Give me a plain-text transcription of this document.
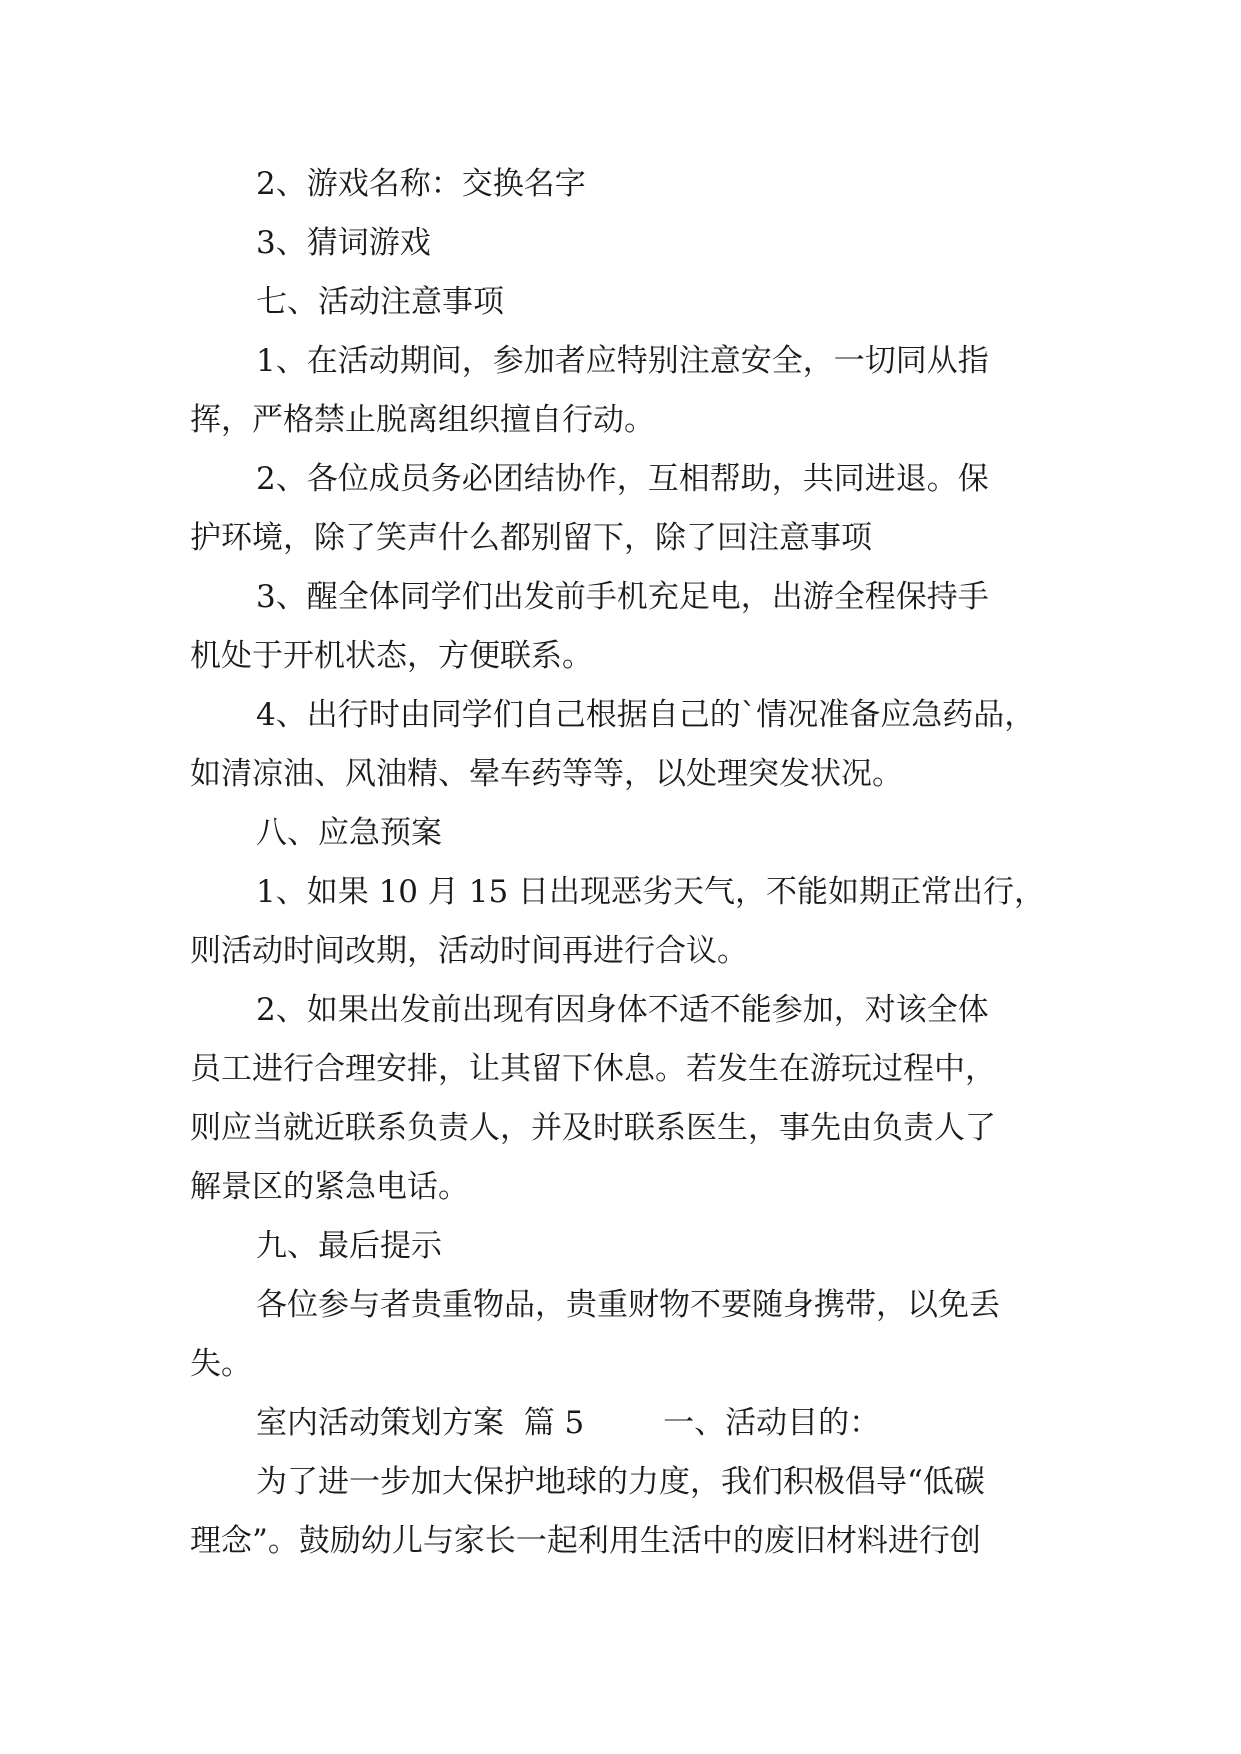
2、游戏名称：交换名字
3、猜词游戏
七、活动注意事项
1、在活动期间，参加者应特别注意安全，一切同从指
挥，严格禁止脱离组织擅自行动。
2、各位成员务必团结协作，互相帮助，共同进退。保
护环境，除了笑声什么都别留下，除了回注意事项
3、醒全体同学们出发前手机充足电，出游全程保持手
机处于开机状态，方便联系。
4、出行时由同学们自己根据自己的`情况准备应急药品，
如清凉油、风油精、晕车药等等，以处理突发状况。
八、应急预案
1、如果 10 月 15 日出现恶劣天气，不能如期正常出行，
则活动时间改期，活动时间再进行合议。
2、如果出发前出现有因身体不适不能参加，对该全体
员工进行合理安排，让其留下休息。若发生在游玩过程中，
则应当就近联系负责人，并及时联系医生，事先由负责人了
解景区的紧急电话。
九、最后提示
各位参与者贵重物品，贵重财物不要随身携带，以免丢
失。
室内活动策划方案  篇 5        一、活动目的：
为了进一步加大保护地球的力度，我们积极倡导“低碳
理念”。鼓励幼儿与家长一起利用生活中的废旧材料进行创
